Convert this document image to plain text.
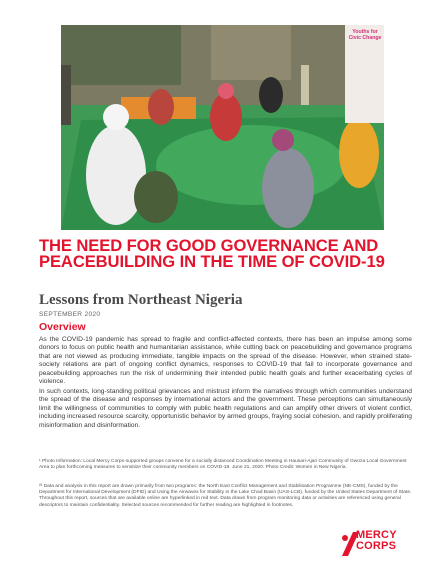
Youths for Civic Change
THE NEED FOR GOOD GOVERNANCE AND PEACEBUILDING IN THE TIME OF COVID-19
Lessons from Northeast Nigeria
SEPTEMBER 2020
Overview

As the COVID-19 pandemic has spread to fragile and conflict-affected contexts, there has been an impulse among some donors to focus on public health and humanitarian assistance, while cutting back on peacebuilding and governance programs that are not viewed as producing immediate, tangible impacts on the spread of the disease. However, when strained state-society relations are part of ongoing conflict dynamics, responses to COVID-19 that fail to incorporate governance and peacebuilding approaches run the risk of undermining their intended public health goals and further exacerbating cycles of violence.

In such contexts, long-standing political grievances and mistrust inform the narratives through which communities understand the spread of the disease and responses by international actors and the government. These perceptions can simultaneously limit the willingness of communities to comply with public health regulations and can amplify other drivers of violent conflict, including increased resource scarcity, opportunistic behavior by armed groups, fraying social cohesion, and rapidly proliferating misinformation and disinformation.

¹ Photo Information: Local Mercy Corps-supported groups convene for a socially distanced Coordination Meeting in Hausari-Ajari Community of Gwoza Local Government Area to plan forthcoming measures to sensitize their community members on COVID-19. June 21, 2020. Photo Credit: Women in New Nigeria.

²² Data and analysis in this report are drawn primarily from two programs: the North East Conflict Management and Stabilisation Programme (NE-CMS), funded by the Department for International Development (DFID) and Using the Airwaves for Stability in the Lake Chad Basin (UAS-LCB), funded by the United States Department of State. Throughout this report, sources that are available online are hyperlinked in red text. Data drawn from program monitoring data or activities are referenced using general descriptors to maintain confidentiality. Selected sources recommended for further reading are highlighted in footnotes.

MERCY
CORPS
